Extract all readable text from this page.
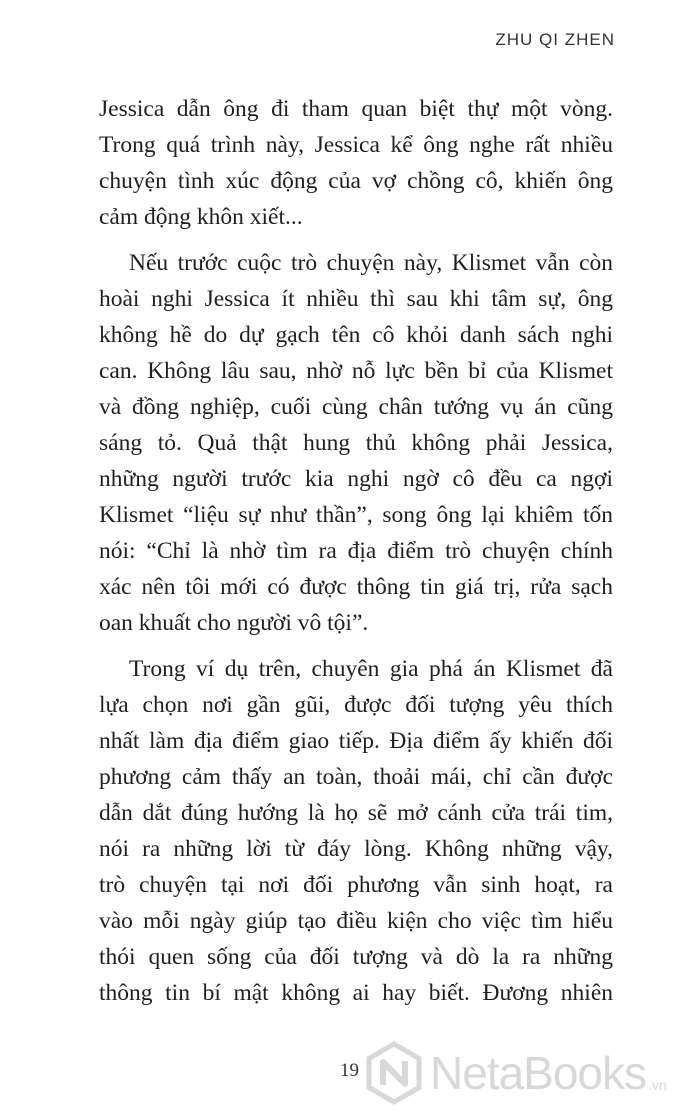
ZHU QI ZHEN

Jessica dẫn ông đi tham quan biệt thự một vòng.
Trong quá trình này, Jessica kể ông nghe rất nhiều
chuyện tình xúc động của vợ chồng cô, khiến ông
cảm động khôn xiết...

Nếu trước cuộc trò chuyện này, Klismet vẫn còn
hoài nghi Jessica ít nhiều thì sau khi tâm sự, ông
không hề do dự gạch tên cô khỏi danh sách nghi
can. Không lâu sau, nhờ nỗ lực bền bỉ của Klismet
và đồng nghiệp, cuối cùng chân tướng vụ án cũng
sáng tỏ. Quả thật hung thủ không phải Jessica,
những người trước kia nghi ngờ cô đều ca ngợi
Klismet “liệu sự như thần”, song ông lại khiêm tốn
nói: “Chỉ là nhờ tìm ra địa điểm trò chuyện chính
xác nên tôi mới có được thông tin giá trị, rửa sạch
oan khuất cho người vô tội”.

Trong ví dụ trên, chuyên gia phá án Klismet đã
lựa chọn nơi gần gũi, được đối tượng yêu thích
nhất làm địa điểm giao tiếp. Địa điểm ấy khiến đối
phương cảm thấy an toàn, thoải mái, chỉ cần được
dẫn dắt đúng hướng là họ sẽ mở cánh cửa trái tim,
nói ra những lời từ đáy lòng. Không những vậy,
trò chuyện tại nơi đối phương vẫn sinh hoạt, ra
vào mỗi ngày giúp tạo điều kiện cho việc tìm hiểu
thói quen sống của đối tượng và dò la ra những
thông tin bí mật không ai hay biết. Đương nhiên

19 NetaBooks .vn
